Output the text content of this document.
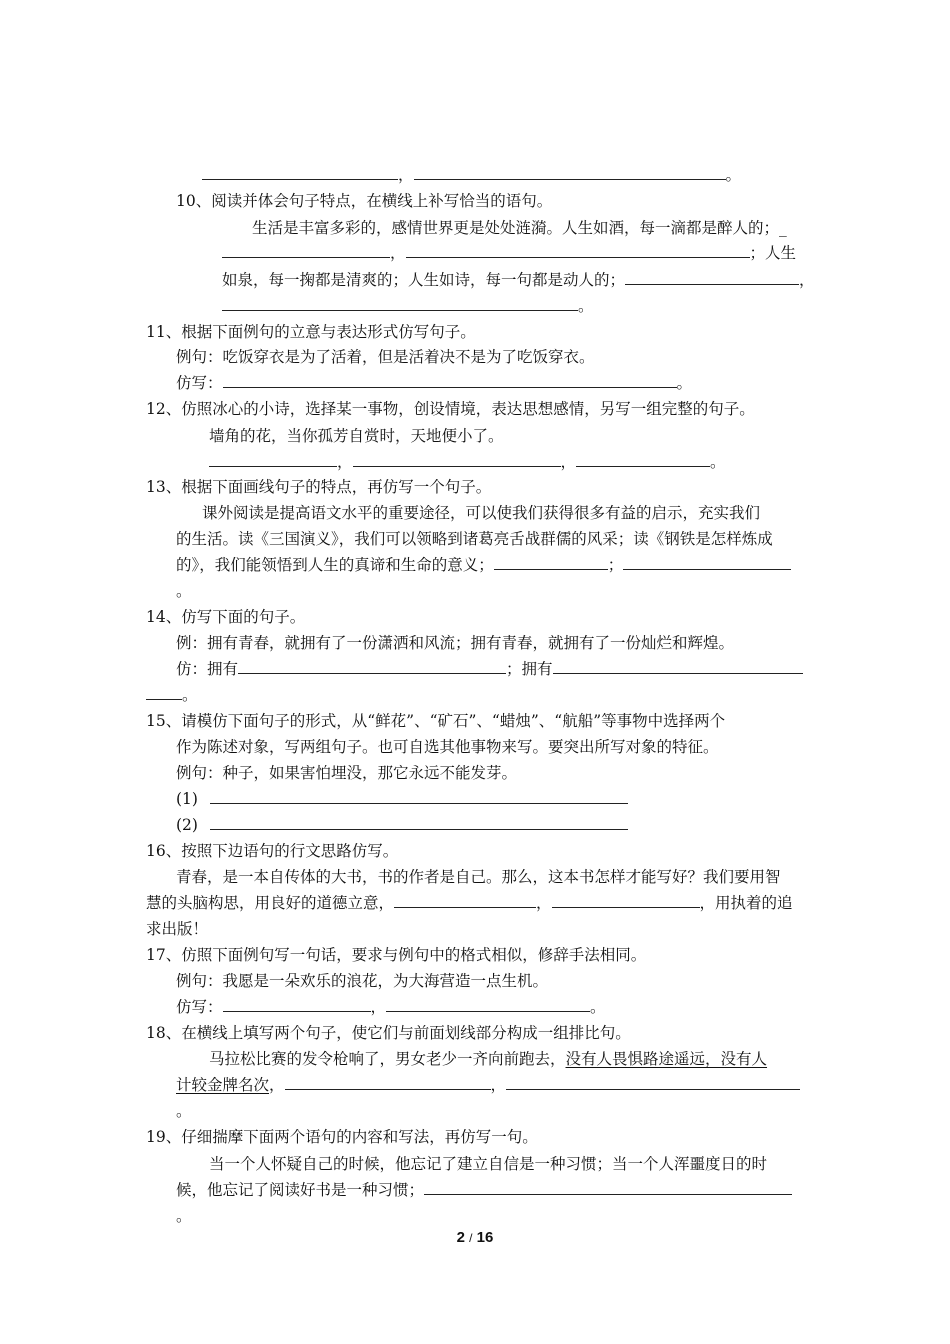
，	。
10、阅读并体会句子特点，在横线上补写恰当的语句。
生活是丰富多彩的，感情世界更是处处涟漪。人生如酒，每一滴都是醉人的；_
，	；人生
如泉，每一掬都是清爽的；人生如诗，每一句都是动人的；	，
。
11、根据下面例句的立意与表达形式仿写句子。
例句：吃饭穿衣是为了活着，但是活着决不是为了吃饭穿衣。
仿写：	。
12、仿照冰心的小诗，选择某一事物，创设情境，表达思想感情，另写一组完整的句子。
墙角的花，当你孤芳自赏时，天地便小了。
，	，	。
13、根据下面画线句子的特点，再仿写一个句子。
课外阅读是提高语文水平的重要途径，可以使我们获得很多有益的启示，充实我们
的生活。读《三国演义》，我们可以领略到诸葛亮舌战群儒的风采；读《钢铁是怎样炼成
的》，我们能领悟到人生的真谛和生命的意义；	；
。
14、仿写下面的句子。
例：拥有青春，就拥有了一份潇洒和风流；拥有青春，就拥有了一份灿烂和辉煌。
仿：拥有	；拥有
。
15、请模仿下面句子的形式，从“鲜花”、“矿石”、“蜡烛”、“航船”等事物中选择两个
作为陈述对象，写两组句子。也可自选其他事物来写。要突出所写对象的特征。
例句：种子，如果害怕埋没，那它永远不能发芽。
(1)
(2)
16、按照下边语句的行文思路仿写。
青春，是一本自传体的大书，书的作者是自己。那么，这本书怎样才能写好？我们要用智
慧的头脑构思，用良好的道德立意，	，	，用执着的追
求出版！
17、仿照下面例句写一句话，要求与例句中的格式相似，修辞手法相同。
例句：我愿是一朵欢乐的浪花，为大海营造一点生机。
仿写：	，	。
18、在横线上填写两个句子，使它们与前面划线部分构成一组排比句。
马拉松比赛的发令枪响了，男女老少一齐向前跑去，没有人畏惧路途遥远，没有人
计较金牌名次，	，
。
19、仔细揣摩下面两个语句的内容和写法，再仿写一句。
当一个人怀疑自己的时候，他忘记了建立自信是一种习惯；当一个人浑噩度日的时
候，他忘记了阅读好书是一种习惯；
。
2 / 16
